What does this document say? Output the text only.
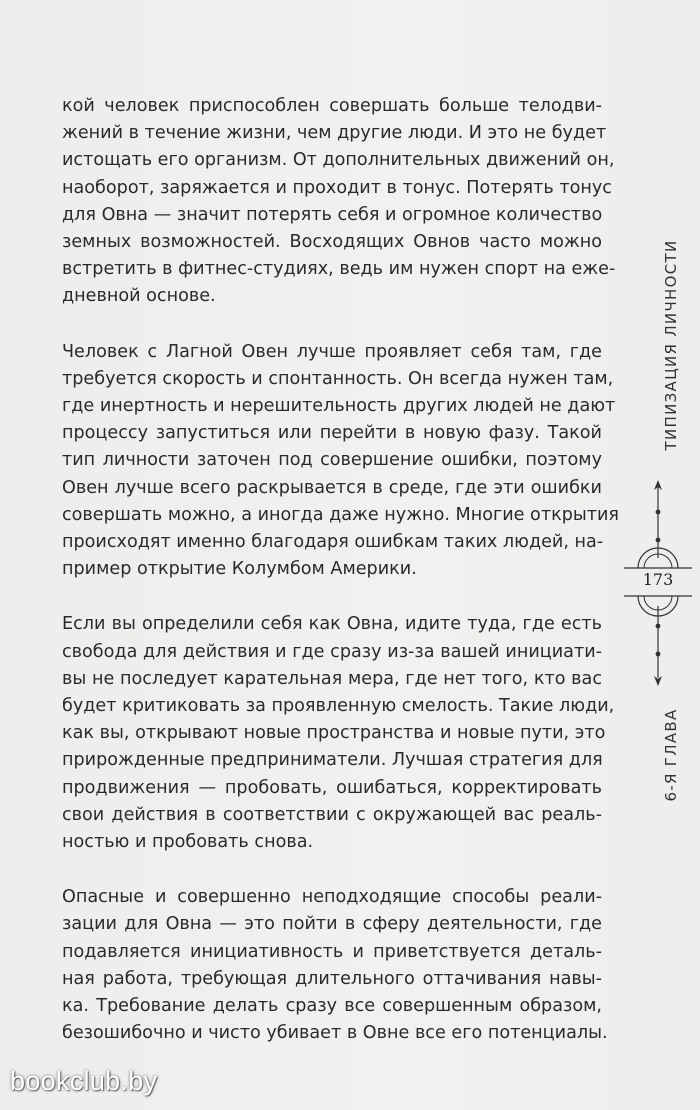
кой человек приспособлен совершать больше телодви-
жений в течение жизни, чем другие люди. И это не будет
истощать его организм. От дополнительных движений он,
наоборот, заряжается и проходит в тонус. Потерять тонус
для Овна — значит потерять себя и огромное количество
земных возможностей. Восходящих Овнов часто можно
встретить в фитнес-студиях, ведь им нужен спорт на еже-
дневной основе.

Человек с Лагной Овен лучше проявляет себя там, где
требуется скорость и спонтанность. Он всегда нужен там,
где инертность и нерешительность других людей не дают
процессу запуститься или перейти в новую фазу. Такой
тип личности заточен под совершение ошибки, поэтому
Овен лучше всего раскрывается в среде, где эти ошибки
совершать можно, а иногда даже нужно. Многие открытия
происходят именно благодаря ошибкам таких людей, на-
пример открытие Колумбом Америки.

Если вы определили себя как Овна, идите туда, где есть
свобода для действия и где сразу из-за вашей инициати-
вы не последует карательная мера, где нет того, кто вас
будет критиковать за проявленную смелость. Такие люди,
как вы, открывают новые пространства и новые пути, это
прирожденные предприниматели. Лучшая стратегия для
продвижения — пробовать, ошибаться, корректировать
свои действия в соответствии с окружающей вас реаль-
ностью и пробовать снова.

Опасные и совершенно неподходящие способы реали-
зации для Овна — это пойти в сферу деятельности, где
подавляется инициативность и приветствуется деталь-
ная работа, требующая длительного оттачивания навы-
ка. Требование делать сразу все совершенным образом,
безошибочно и чисто убивает в Овне все его потенциалы.

ТИПИЗАЦИЯ ЛИЧНОСТИ
173
6-Я ГЛАВА
bookclub.by
